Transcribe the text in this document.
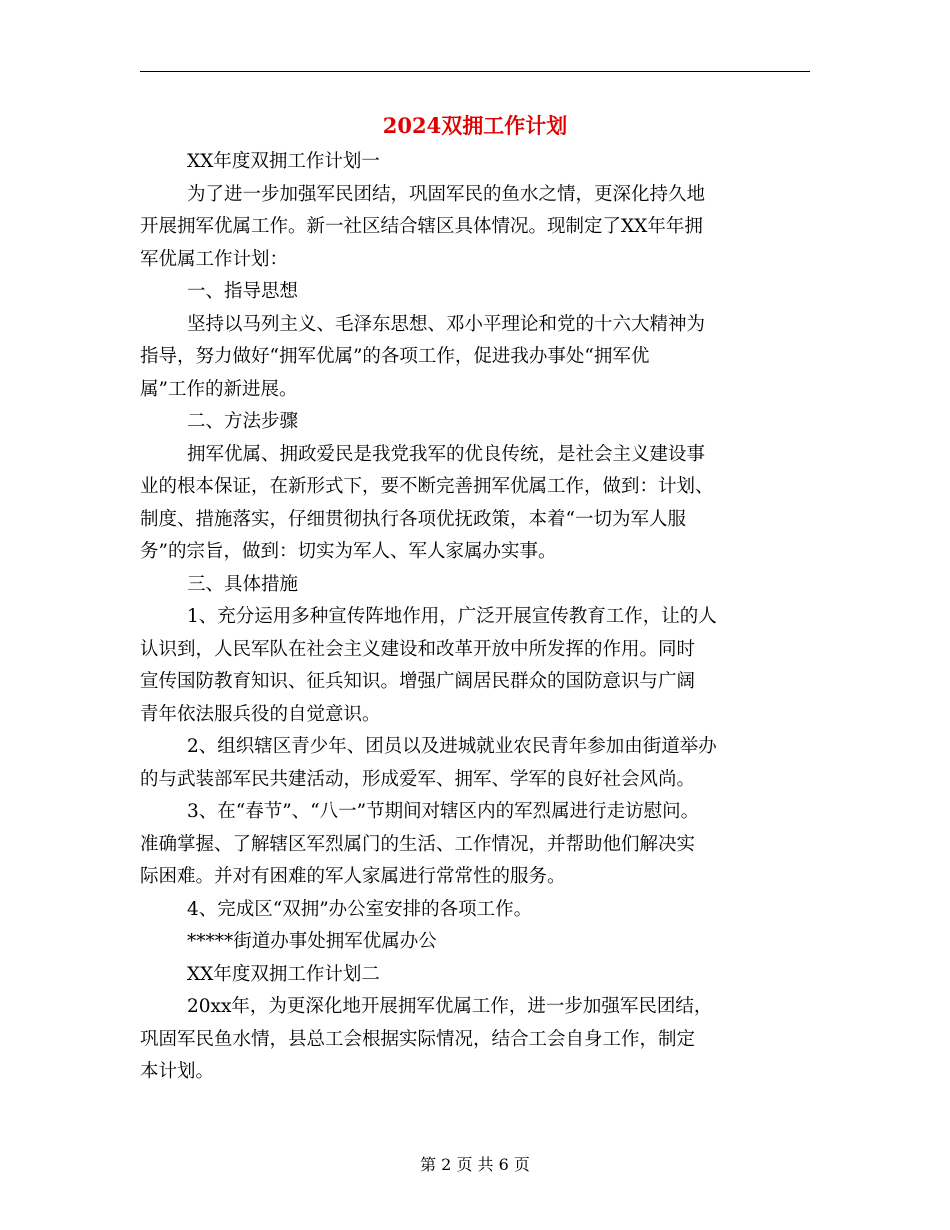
2024双拥工作计划
XX年度双拥工作计划一
为了进一步加强军民团结，巩固军民的鱼水之情，更深化持久地
开展拥军优属工作。新一社区结合辖区具体情况。现制定了XX年年拥
军优属工作计划：
一、指导思想
坚持以马列主义、毛泽东思想、邓小平理论和党的十六大精神为
指导，努力做好“拥军优属”的各项工作，促进我办事处“拥军优
属”工作的新进展。
二、方法步骤
拥军优属、拥政爱民是我党我军的优良传统，是社会主义建设事
业的根本保证，在新形式下，要不断完善拥军优属工作，做到：计划、
制度、措施落实，仔细贯彻执行各项优抚政策，本着“一切为军人服
务”的宗旨，做到：切实为军人、军人家属办实事。
三、具体措施
1、充分运用多种宣传阵地作用，广泛开展宣传教育工作，让的人
认识到，人民军队在社会主义建设和改革开放中所发挥的作用。同时
宣传国防教育知识、征兵知识。增强广阔居民群众的国防意识与广阔
青年依法服兵役的自觉意识。
2、组织辖区青少年、团员以及进城就业农民青年参加由街道举办
的与武装部军民共建活动，形成爱军、拥军、学军的良好社会风尚。
3、在“春节”、“八一”节期间对辖区内的军烈属进行走访慰问。
准确掌握、了解辖区军烈属门的生活、工作情况，并帮助他们解决实
际困难。并对有困难的军人家属进行常常性的服务。
4、完成区“双拥”办公室安排的各项工作。
*****街道办事处拥军优属办公
XX年度双拥工作计划二
20xx年，为更深化地开展拥军优属工作，进一步加强军民团结，
巩固军民鱼水情，县总工会根据实际情况，结合工会自身工作，制定
本计划。
第 2 页 共 6 页
